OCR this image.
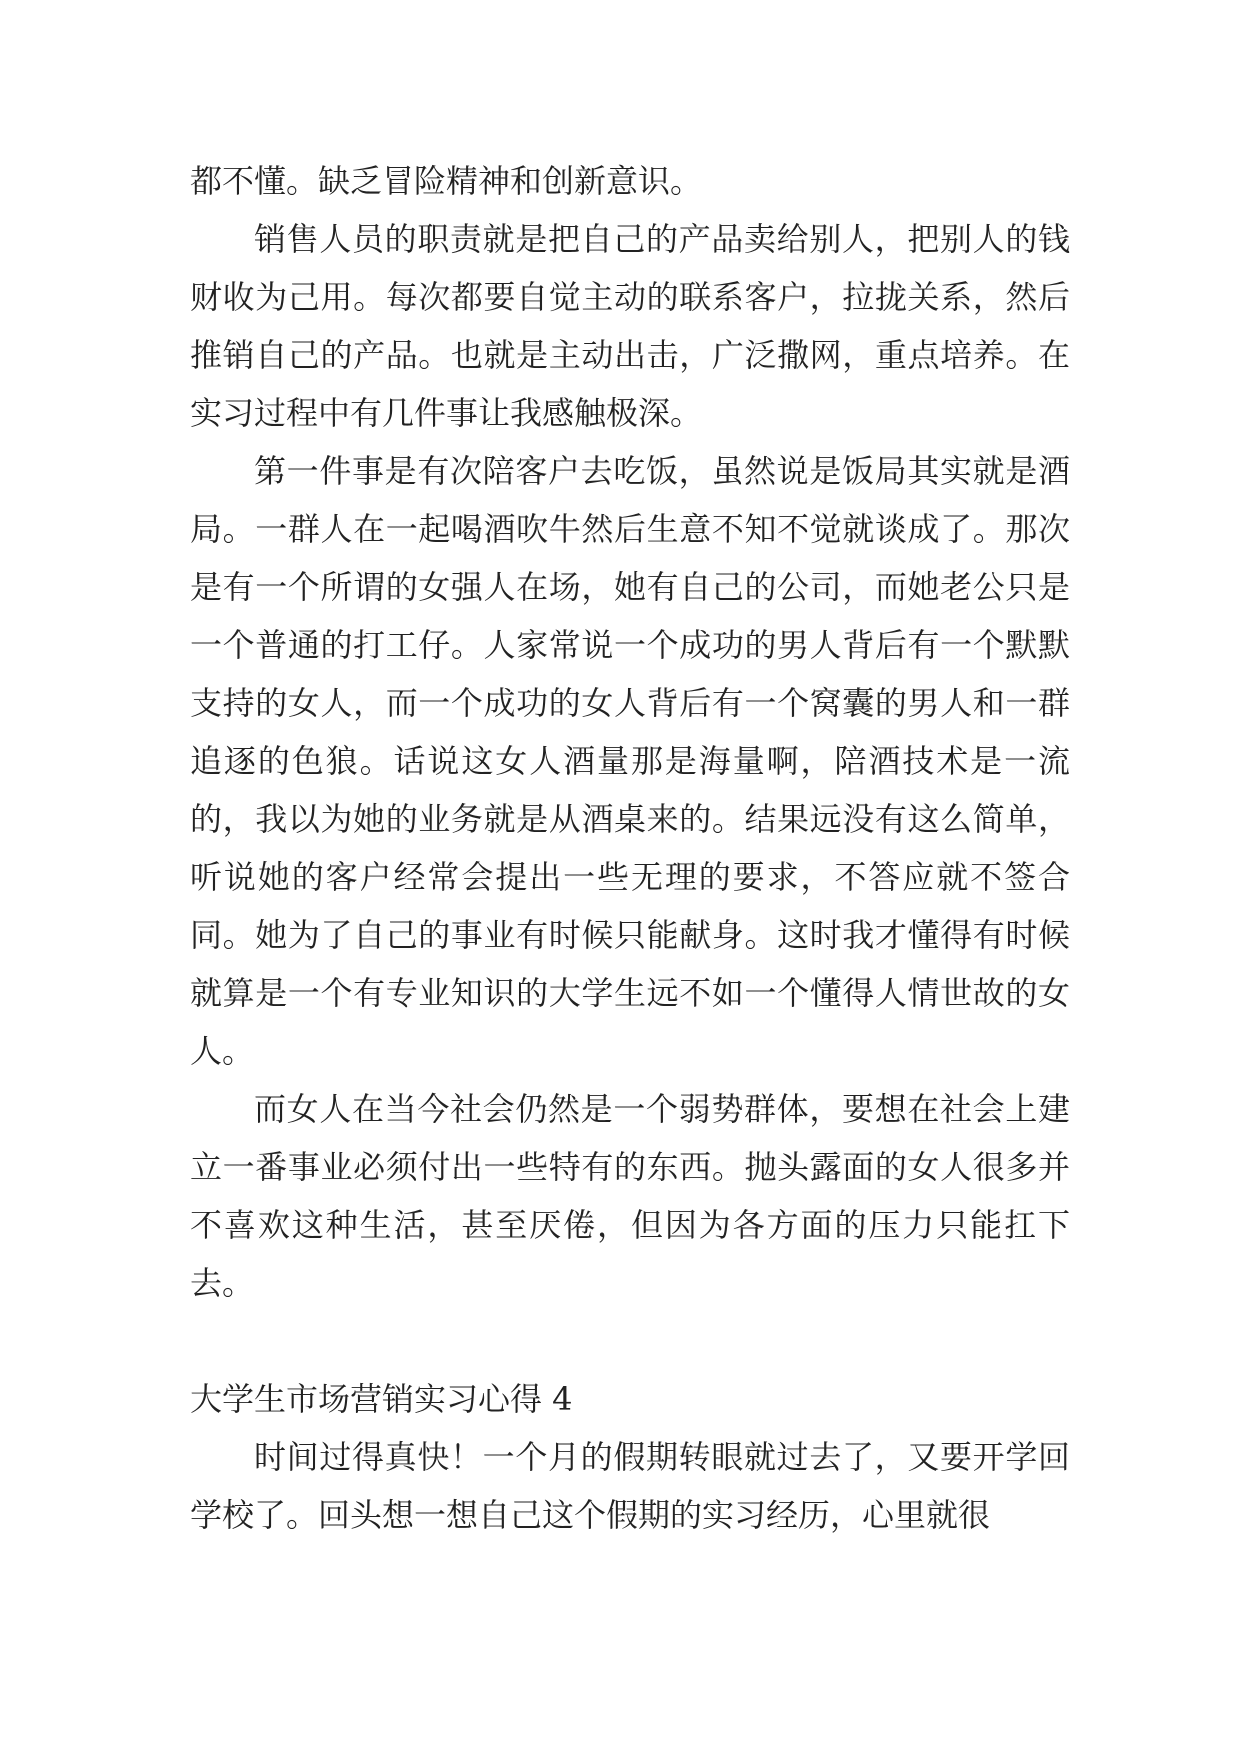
都不懂。缺乏冒险精神和创新意识。

销售人员的职责就是把自己的产品卖给别人，把别人的钱财收为己用。每次都要自觉主动的联系客户，拉拢关系，然后推销自己的产品。也就是主动出击，广泛撒网，重点培养。在实习过程中有几件事让我感触极深。

第一件事是有次陪客户去吃饭，虽然说是饭局其实就是酒局。一群人在一起喝酒吹牛然后生意不知不觉就谈成了。那次是有一个所谓的女强人在场，她有自己的公司，而她老公只是一个普通的打工仔。人家常说一个成功的男人背后有一个默默支持的女人，而一个成功的女人背后有一个窝囊的男人和一群追逐的色狼。话说这女人酒量那是海量啊，陪酒技术是一流的，我以为她的业务就是从酒桌来的。结果远没有这么简单，听说她的客户经常会提出一些无理的要求，不答应就不签合同。她为了自己的事业有时候只能献身。这时我才懂得有时候就算是一个有专业知识的大学生远不如一个懂得人情世故的女人。

而女人在当今社会仍然是一个弱势群体，要想在社会上建立一番事业必须付出一些特有的东西。抛头露面的女人很多并不喜欢这种生活，甚至厌倦，但因为各方面的压力只能扛下去。

大学生市场营销实习心得 4

时间过得真快！一个月的假期转眼就过去了，又要开学回学校了。回头想一想自己这个假期的实习经历，心里就很
